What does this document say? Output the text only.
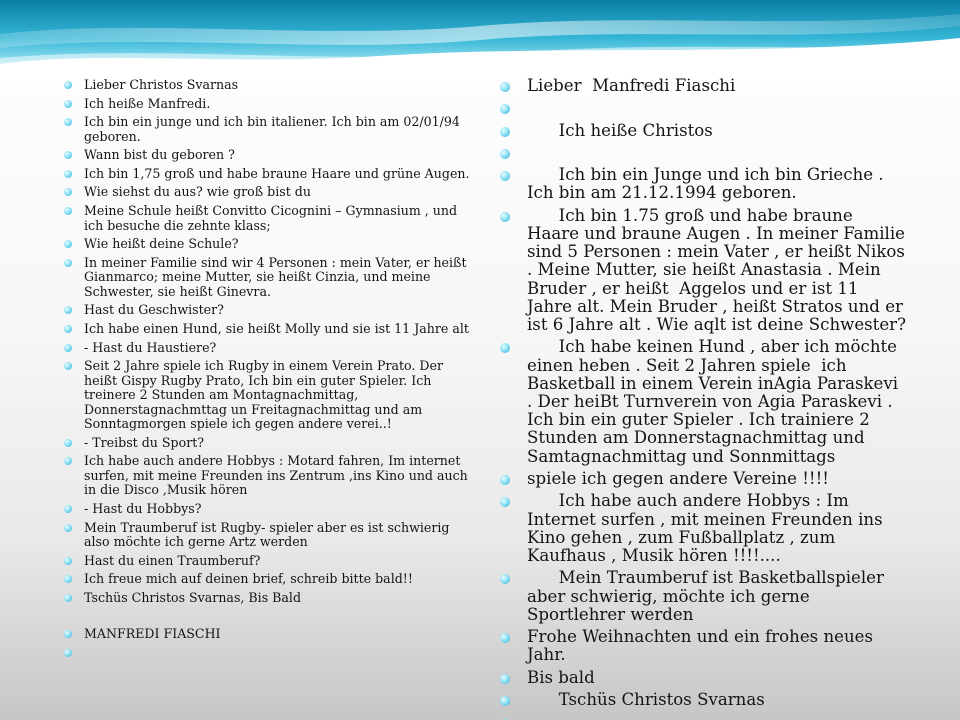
Lieber Christos Svarnas
Ich heiße Manfredi.
Ich bin ein junge und ich bin italiener. Ich bin am 02/01/94 geboren.
Wann bist du geboren ?
Ich bin 1,75 groß und habe braune Haare und grüne Augen.
Wie siehst du aus? wie groß bist du
Meine Schule heißt Convitto Cicognini – Gymnasium , und ich besuche die zehnte klass;
Wie heißt deine Schule?
In meiner Familie sind wir 4 Personen : mein Vater, er heißt Gianmarco; meine Mutter, sie heißt Cinzia, und meine Schwester, sie heißt Ginevra.
Hast du Geschwister?
Ich habe einen Hund, sie heißt Molly und sie ist 11 Jahre alt
- Hast du Haustiere?
Seit 2 Jahre spiele ich Rugby in einem Verein Prato. Der heißt Gispy Rugby Prato, Ich bin ein guter Spieler. Ich treinere 2 Stunden am Montagnachmittag, Donnerstagnachmttag un Freitagnachmittag und am Sonntagmorgen spiele ich gegen andere verei..!
- Treibst du Sport?
Ich habe auch andere Hobbys : Motard fahren, Im internet surfen, mit meine Freunden ins Zentrum ,ins Kino und auch in die Disco ,Musik hören
- Hast du Hobbys?
Mein Traumberuf ist Rugby- spieler aber es ist schwierig also möchte ich gerne Artz werden
Hast du einen Traumberuf?
Ich freue mich auf deinen brief, schreib bitte bald!!
Tschüs Christos Svarnas, Bis Bald
MANFREDI FIASCHI
Lieber  Manfredi Fiaschi
Ich heiße Christos
Ich bin ein Junge und ich bin Grieche . Ich bin am 21.12.1994 geboren.
Ich bin 1.75 groß und habe braune Haare und braune Augen . In meiner Familie  sind 5 Personen : mein Vater , er heißt Nikos . Meine Mutter, sie heißt Anastasia . Mein Bruder , er heißt  Aggelos und er ist 11 Jahre alt. Mein Bruder , heißt Stratos und er ist 6 Jahre alt . Wie aqlt ist deine Schwester?
Ich habe keinen Hund , aber ich möchte einen heben . Seit 2 Jahren spiele  ich Basketball in einem Verein inAgia Paraskevi . Der heiBt Turnverein von Agia Paraskevi . Ich bin ein guter Spieler . Ich trainiere 2 Stunden am Donnerstagnachmittag und Samtagnachmittag und Sonnmittags
spiele ich gegen andere Vereine !!!!
Ich habe auch andere Hobbys : Im Internet surfen , mit meinen Freunden ins Kino gehen , zum Fußballplatz , zum Kaufhaus , Musik hören !!!!....
Mein Traumberuf ist Basketballspieler aber schwierig, möchte ich gerne Sportlehrer werden
Frohe Weihnachten und ein frohes neues Jahr.
Bis bald
Tschüs Christos Svarnas
